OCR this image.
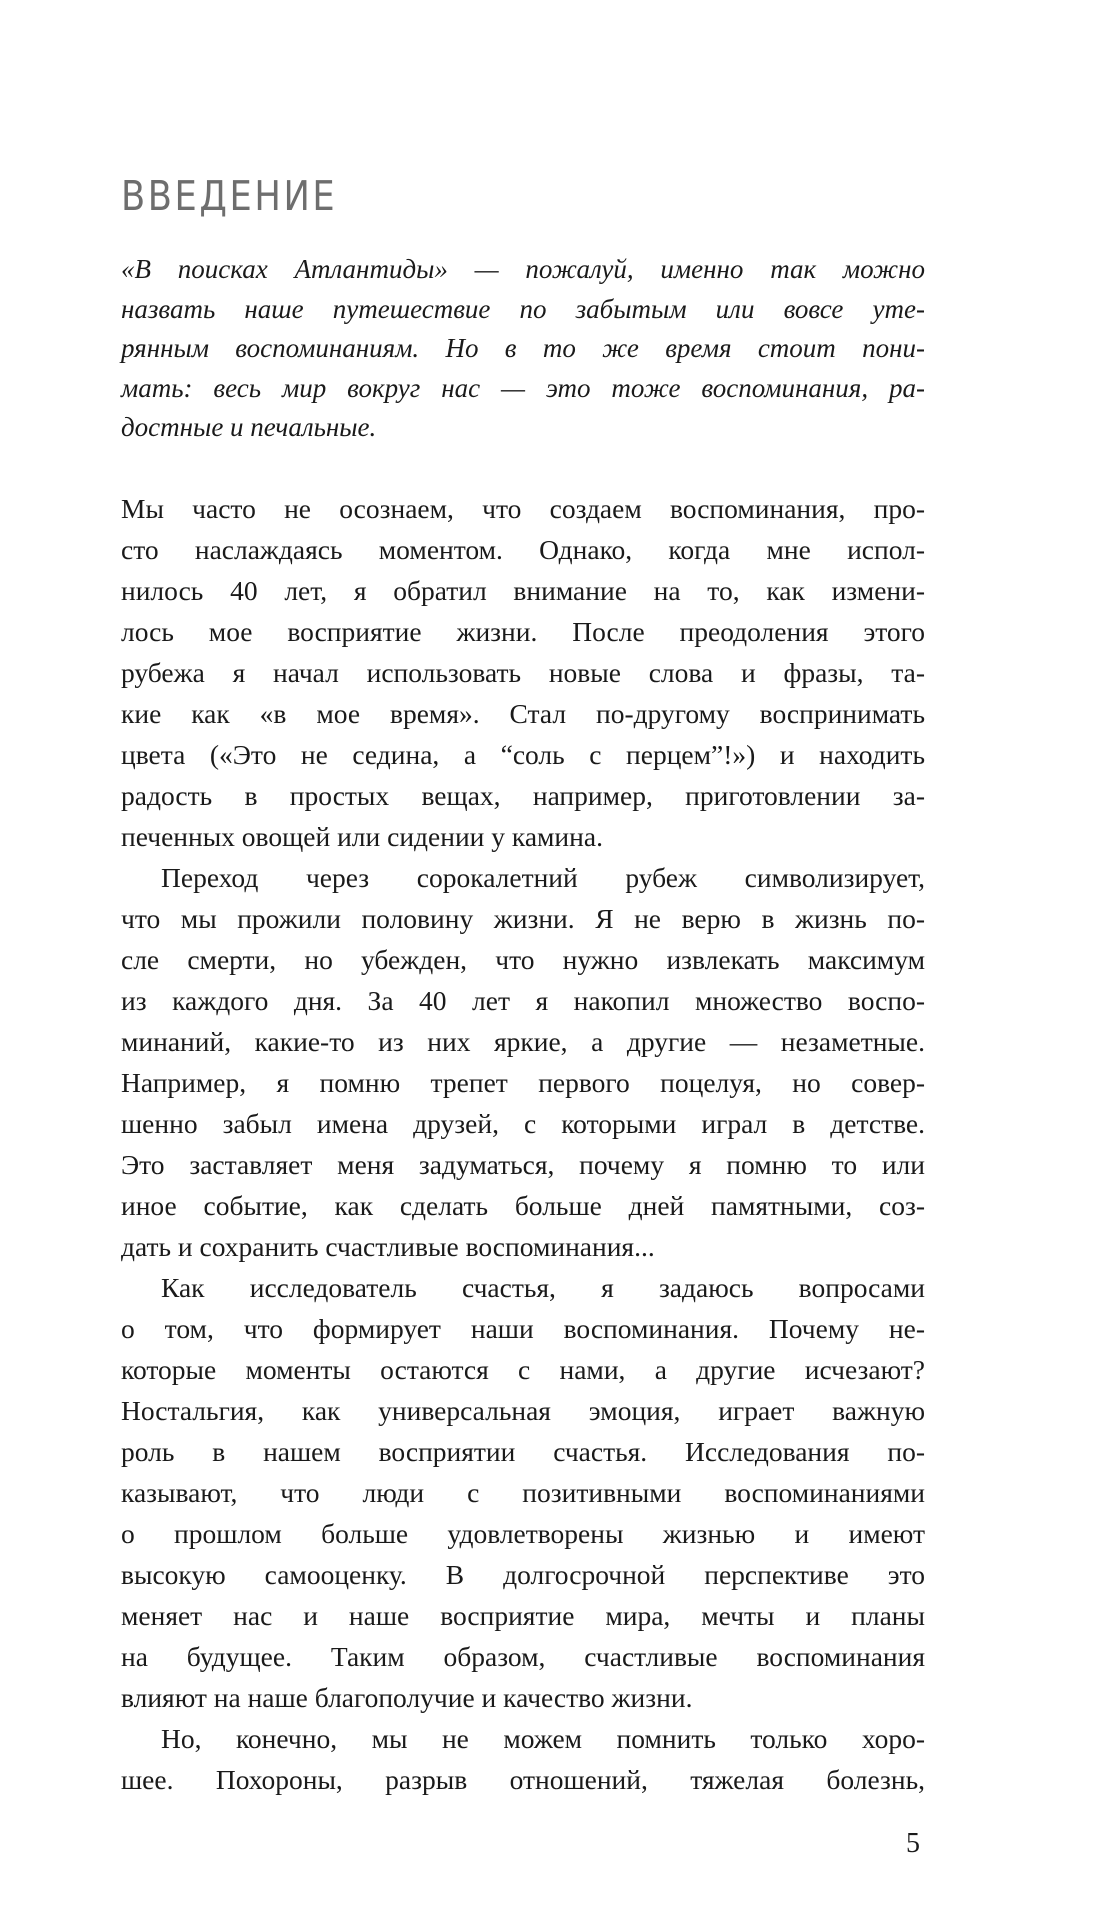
ВВЕДЕНИЕ
«В поисках Атлантиды» — пожалуй, именно так можно
назвать наше путешествие по забытым или вовсе уте-
рянным воспоминаниям. Но в то же время стоит пони-
мать: весь мир вокруг нас — это тоже воспоминания, ра-
достные и печальные.
Мы часто не осознаем, что создаем воспоминания, про-
сто наслаждаясь моментом. Однако, когда мне испол-
нилось 40 лет, я обратил внимание на то, как измени-
лось мое восприятие жизни. После преодоления этого
рубежа я начал использовать новые слова и фразы, та-
кие как «в мое время». Стал по-другому воспринимать
цвета («Это не седина, а “соль с перцем”!») и находить
радость в простых вещах, например, приготовлении за-
печенных овощей или сидении у камина.
Переход через сорокалетний рубеж символизирует,
что мы прожили половину жизни. Я не верю в жизнь по-
сле смерти, но убежден, что нужно извлекать максимум
из каждого дня. За 40 лет я накопил множество воспо-
минаний, какие-то из них яркие, а другие — незаметные.
Например, я помню трепет первого поцелуя, но совер-
шенно забыл имена друзей, с которыми играл в детстве.
Это заставляет меня задуматься, почему я помню то или
иное событие, как сделать больше дней памятными, соз-
дать и сохранить счастливые воспоминания...
Как исследователь счастья, я задаюсь вопросами
о том, что формирует наши воспоминания. Почему не-
которые моменты остаются с нами, а другие исчезают?
Ностальгия, как универсальная эмоция, играет важную
роль в нашем восприятии счастья. Исследования по-
казывают, что люди с позитивными воспоминаниями
о прошлом больше удовлетворены жизнью и имеют
высокую самооценку. В долгосрочной перспективе это
меняет нас и наше восприятие мира, мечты и планы
на будущее. Таким образом, счастливые воспоминания
влияют на наше благополучие и качество жизни.
Но, конечно, мы не можем помнить только хоро-
шее. Похороны, разрыв отношений, тяжелая болезнь,
5
